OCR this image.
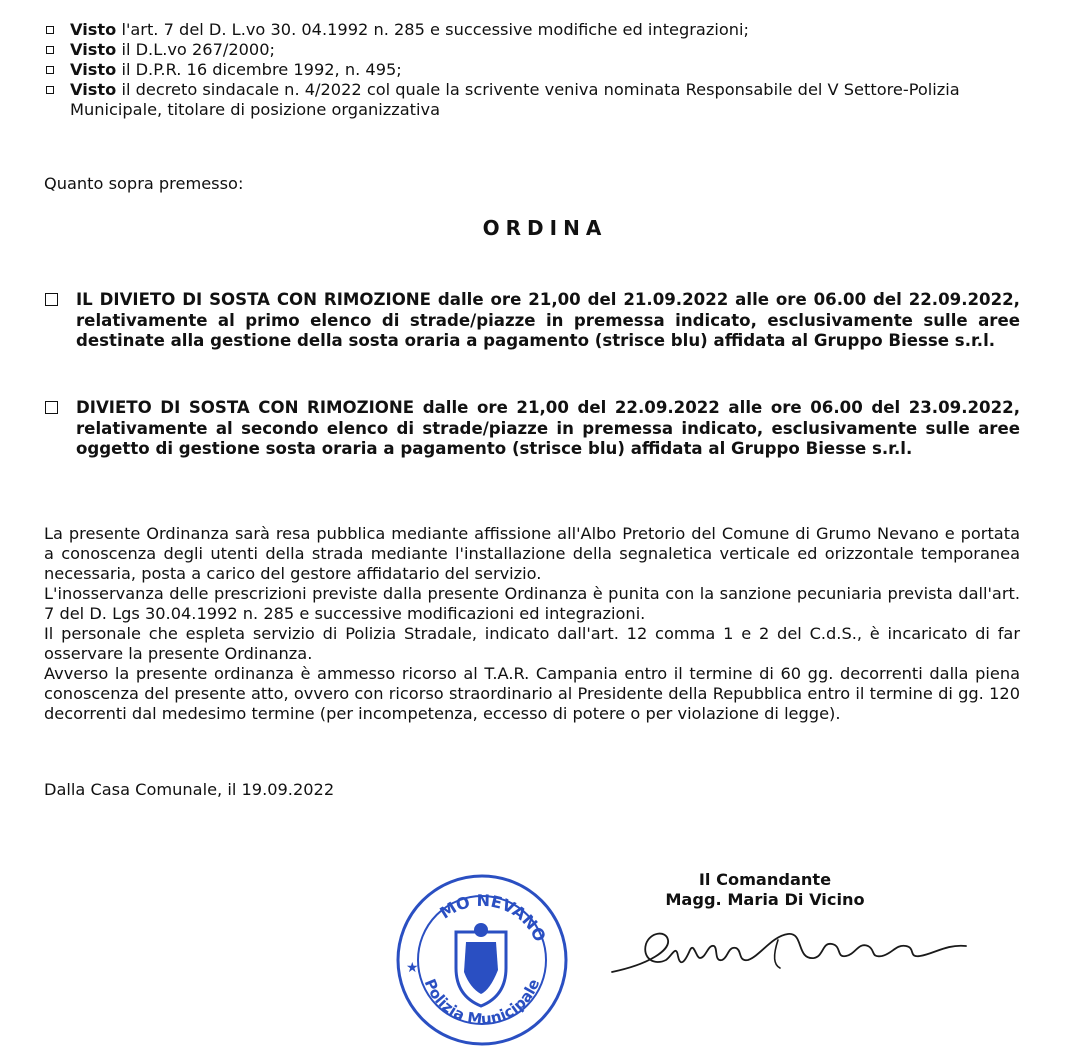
Visto l'art. 7 del D. L.vo 30. 04.1992 n. 285 e successive modifiche ed integrazioni;
Visto il D.L.vo 267/2000;
Visto il D.P.R. 16 dicembre 1992, n. 495;
Visto il decreto sindacale n. 4/2022 col quale la scrivente veniva nominata Responsabile del V Settore-Polizia Municipale, titolare di posizione organizzativa
Quanto sopra premesso:
ORDINA
IL DIVIETO DI SOSTA CON RIMOZIONE dalle ore 21,00 del 21.09.2022 alle ore 06.00 del 22.09.2022, relativamente al primo elenco di strade/piazze in premessa indicato, esclusivamente sulle aree destinate alla gestione della sosta oraria a pagamento (strisce blu) affidata al Gruppo Biesse s.r.l.
DIVIETO DI SOSTA CON RIMOZIONE dalle ore 21,00 del 22.09.2022 alle ore 06.00 del 23.09.2022, relativamente al secondo elenco di strade/piazze in premessa indicato, esclusivamente sulle aree oggetto di gestione sosta oraria a pagamento (strisce blu) affidata al Gruppo Biesse s.r.l.

La presente Ordinanza sarà resa pubblica mediante affissione all'Albo Pretorio del Comune di Grumo Nevano e portata a conoscenza degli utenti della strada mediante l'installazione della segnaletica verticale ed orizzontale temporanea necessaria, posta a carico del gestore affidatario del servizio.

L'inosservanza delle prescrizioni previste dalla presente Ordinanza è punita con la sanzione pecuniaria prevista dall'art. 7 del D. Lgs 30.04.1992 n. 285 e successive modificazioni ed integrazioni.

Il personale che espleta servizio di Polizia Stradale, indicato dall'art. 12 comma 1 e 2 del C.d.S., è incaricato di far osservare la presente Ordinanza.

Avverso la presente ordinanza è ammesso ricorso al T.A.R. Campania entro il termine di 60 gg. decorrenti dalla piena conoscenza del presente atto, ovvero con ricorso straordinario al Presidente della Repubblica entro il termine di gg. 120 decorrenti dal medesimo termine (per incompetenza, eccesso di potere o per violazione di legge).

Dalla Casa Comunale, il 19.09.2022
Il Comandante
Magg. Maria Di Vicino
MO NEVANO
Polizia Municipale
★
